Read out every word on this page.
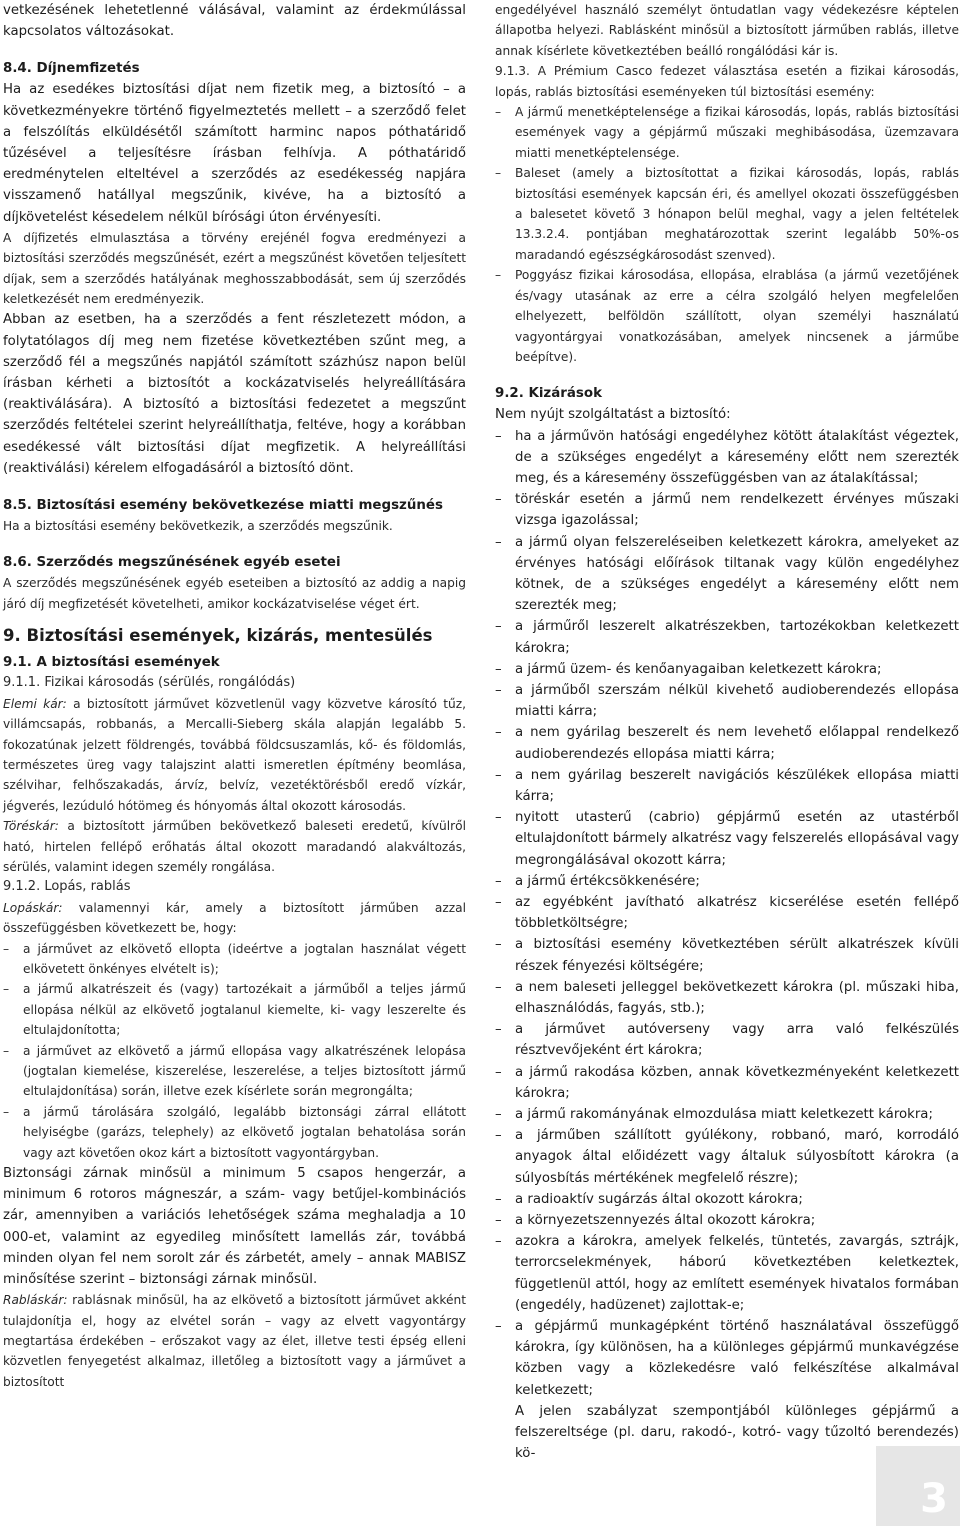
vetkezésének lehetetlenné válásával, valamint az érdekmúlással kapcsolatos változásokat.

8.4. Díjnemfizetés

Ha az esedékes biztosítási díjat nem fizetik meg, a biztosító – a következményekre történő figyelmeztetés mellett – a szerződő felet a felszólítás elküldésétől számított harminc napos póthatáridő tűzésével a teljesítésre írásban felhívja. A póthatáridő eredménytelen elteltével a szerződés az esedékesség napjára visszamenő hatállyal megszűnik, kivéve, ha a biztosító a díjkövetelést késedelem nélkül bírósági úton érvényesíti.

A díjfizetés elmulasztása a törvény erejénél fogva eredményezi a biztosítási szerződés megszűnését, ezért a megszűnést követően teljesített díjak, sem a szerződés hatályának meghosszabbodását, sem új szerződés keletkezését nem eredményezik.

Abban az esetben, ha a szerződés a fent részletezett módon, a folytatólagos díj meg nem fizetése következtében szűnt meg, a szerződő fél a megszűnés napjától számított százhúsz napon belül írásban kérheti a biztosítót a kockázatviselés helyreállítására (reaktiválására). A biztosító a biztosítási fedezetet a megszűnt szerződés feltételei szerint helyreállíthatja, feltéve, hogy a korábban esedékessé vált biztosítási díjat megfizetik. A helyreállítási (reaktiválási) kérelem elfogadásáról a biztosító dönt.

8.5. Biztosítási esemény bekövetkezése miatti megszűnés

Ha a biztosítási esemény bekövetkezik, a szerződés megszűnik.

8.6. Szerződés megszűnésének egyéb esetei

A szerződés megszűnésének egyéb eseteiben a biztosító az addig a napig járó díj megfizetését követelheti, amikor kockázatviselése véget ért.

9. Biztosítási események, kizárás, mentesülés

9.1. A biztosítási események

9.1.1. Fizikai károsodás (sérülés, rongálódás)

Elemi kár: a biztosított járművet közvetlenül vagy közvetve károsító tűz, villámcsapás, robbanás, a Mercalli-Sieberg skála alapján legalább 5. fokozatúnak jelzett földrengés, továbbá földcsuszamlás, kő- és földomlás, természetes üreg vagy talajszint alatti ismeretlen építmény beomlása, szélvihar, felhőszakadás, árvíz, belvíz, vezetéktörésből eredő vízkár, jégverés, lezúduló hótömeg és hónyomás által okozott károsodás.

Töréskár: a biztosított járműben bekövetkező baleseti eredetű, kívülről ható, hirtelen fellépő erőhatás által okozott maradandó alakváltozás, sérülés, valamint idegen személy rongálása.

9.1.2. Lopás, rablás

Lopáskár: valamennyi kár, amely a biztosított járműben azzal összefüggésben következett be, hogy:

– a járművet az elkövető ellopta (ideértve a jogtalan használat végett elkövetett önkényes elvételt is);
– a jármű alkatrészeit és (vagy) tartozékait a járműből a teljes jármű ellopása nélkül az elkövető jogtalanul kiemelte, ki- vagy leszerelte és eltulajdonította;
– a járművet az elkövető a jármű ellopása vagy alkatrészének lelopása (jogtalan kiemelése, kiszerelése, leszerelése, a teljes biztosított jármű eltulajdonítása) során, illetve ezek kísérlete során megrongálta;
– a jármű tárolására szolgáló, legalább biztonsági zárral ellátott helyiségbe (garázs, telephely) az elkövető jogtalan behatolása során vagy azt követően okoz kárt a biztosított vagyontárgyban.

Biztonsági zárnak minősül a minimum 5 csapos hengerzár, a minimum 6 rotoros mágneszár, a szám- vagy betűjel-kombinációs zár, amennyiben a variációs lehetőségek száma meghaladja a 10 000-et, valamint az egyedileg minősített lamellás zár, továbbá minden olyan fel nem sorolt zár és zárbetét, amely – annak MABISZ minősítése szerint – biztonsági zárnak minősül.

Rabláskár: rablásnak minősül, ha az elkövető a biztosított járművet akként tulajdonítja el, hogy az elvétel során – vagy az elvett vagyontárgy megtartása érdekében – erőszakot vagy az élet, illetve testi épség elleni közvetlen fenyegetést alkalmaz, illetőleg a biztosított vagy a járművet a biztosított

engedélyével használó személyt öntudatlan vagy védekezésre képtelen állapotba helyezi. Rablásként minősül a biztosított járműben rablás, illetve annak kísérlete következtében beálló rongálódási kár is.

9.1.3. A Prémium Casco fedezet választása esetén a fizikai károsodás, lopás, rablás biztosítási eseményeken túl biztosítási esemény:

– A jármű menetképtelensége a fizikai károsodás, lopás, rablás biztosítási események vagy a gépjármű műszaki meghibásodása, üzemzavara miatti menetképtelensége.
– Baleset (amely a biztosítottat a fizikai károsodás, lopás, rablás biztosítási események kapcsán éri, és amellyel okozati összefüggésben a balesetet követő 3 hónapon belül meghal, vagy a jelen feltételek 13.3.2.4. pontjában meghatározottak szerint legalább 50%-os maradandó egészségkárosodást szenved).
– Poggyász fizikai károsodása, ellopása, elrablása (a jármű vezetőjének és/vagy utasának az erre a célra szolgáló helyen megfelelően elhelyezett, belföldön szállított, olyan személyi használatú vagyontárgyai vonatkozásában, amelyek nincsenek a járműbe beépítve).

9.2. Kizárások

Nem nyújt szolgáltatást a biztosító:

– ha a járművön hatósági engedélyhez kötött átalakítást végeztek, de a szükséges engedélyt a káresemény előtt nem szerezték meg, és a káresemény összefüggésben van az átalakítással;
– töréskár esetén a jármű nem rendelkezett érvényes műszaki vizsga igazolással;
– a jármű olyan felszereléseiben keletkezett károkra, amelyeket az érvényes hatósági előírások tiltanak vagy külön engedélyhez kötnek, de a szükséges engedélyt a káresemény előtt nem szerezték meg;
– a járműről leszerelt alkatrészekben, tartozékokban keletkezett károkra;
– a jármű üzem- és kenőanyagaiban keletkezett károkra;
– a járműből szerszám nélkül kivehető audioberendezés ellopása miatti kárra;
– a nem gyárilag beszerelt és nem levehető előlappal rendelkező audioberendezés ellopása miatti kárra;
– a nem gyárilag beszerelt navigációs készülékek ellopása miatti kárra;
– nyitott utasterű (cabrio) gépjármű esetén az utastérből eltulajdonított bármely alkatrész vagy felszerelés ellopásával vagy megrongálásával okozott kárra;
– a jármű értékcsökkenésére;
– az egyébként javítható alkatrész kicserélése esetén fellépő többletköltségre;
– a biztosítási esemény következtében sérült alkatrészek kívüli részek fényezési költségére;
– a nem baleseti jelleggel bekövetkezett károkra (pl. műszaki hiba, elhasználódás, fagyás, stb.);
– a járművet autóverseny vagy arra való felkészülés résztvevőjeként ért károkra;
– a jármű rakodása közben, annak következményeként keletkezett károkra;
– a jármű rakományának elmozdulása miatt keletkezett károkra;
– a járműben szállított gyúlékony, robbanó, maró, korrodáló anyagok által előidézett vagy általuk súlyosbított károkra (a súlyosbítás mértékének megfelelő részre);
– a radioaktív sugárzás által okozott károkra;
– a környezetszennyezés által okozott károkra;
– azokra a károkra, amelyek felkelés, tüntetés, zavargás, sztrájk, terrorcselekmények, háború következtében keletkeztek, függetlenül attól, hogy az említett események hivatalos formában (engedély, hadüzenet) zajlottak-e;
– a gépjármű munkagépként történő használatával összefüggő károkra, így különösen, ha a különleges gépjármű munkavégzése közben vagy a közlekedésre való felkészítése alkalmával keletkezett;

A jelen szabályzat szempontjából különleges gépjármű a felszereltsége (pl. daru, rakodó-, kotró- vagy tűzoltó berendezés) kö-

3
